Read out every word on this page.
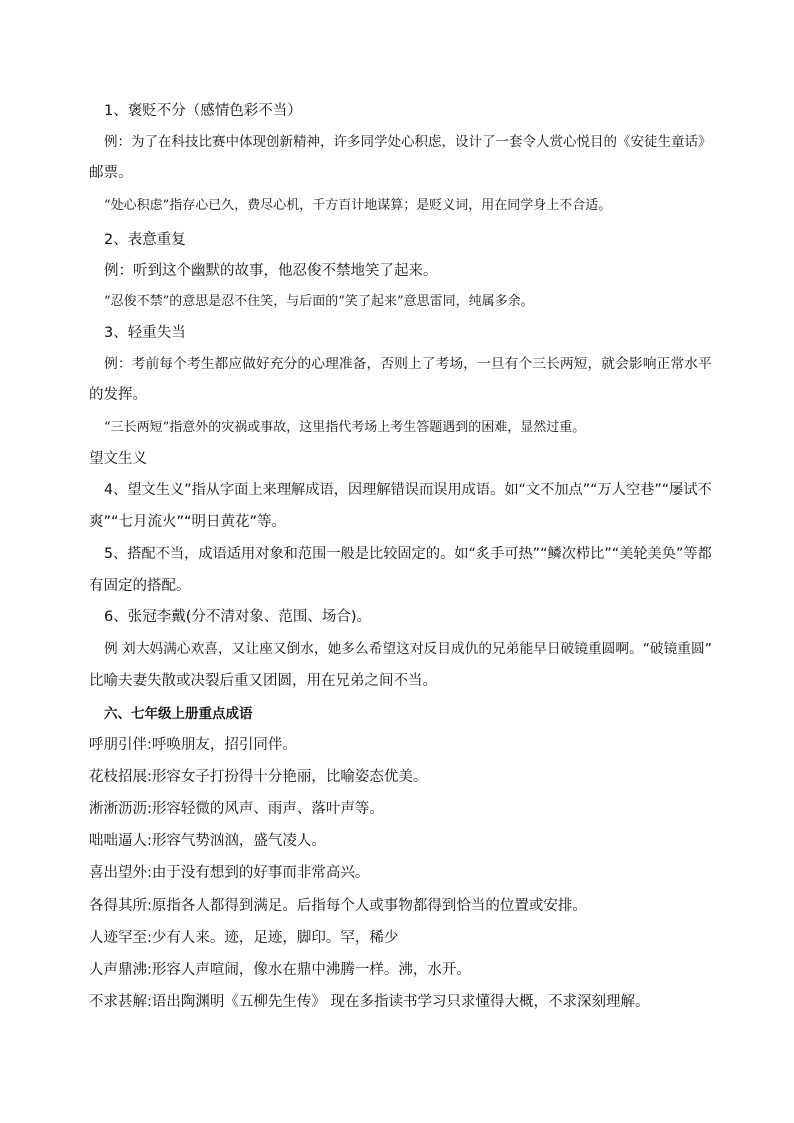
1、褒贬不分（感情色彩不当）
例：为了在科技比赛中体现创新精神，许多同学处心积虑，设计了一套令人赏心悦目的《安徒生童话》
邮票。
“处心积虑”指存心已久，费尽心机，千方百计地谋算；是贬义词，用在同学身上不合适。
2、表意重复
例：听到这个幽默的故事，他忍俊不禁地笑了起来。
“忍俊不禁”的意思是忍不住笑，与后面的“笑了起来”意思雷同，纯属多余。
3、轻重失当
例：考前每个考生都应做好充分的心理准备，否则上了考场，一旦有个三长两短，就会影响正常水平
的发挥。
“三长两短”指意外的灾祸或事故，这里指代考场上考生答题遇到的困难，显然过重。
望文生义
4、望文生义”指从字面上来理解成语，因理解错误而误用成语。如“文不加点”“万人空巷”“屡试不
爽”“七月流火”“明日黄花”等。
5、搭配不当，成语适用对象和范围一般是比较固定的。如“炙手可热”“鳞次栉比”“美轮美奂”等都
有固定的搭配。
6、张冠李戴(分不清对象、范围、场合)。
例 刘大妈满心欢喜，又让座又倒水，她多么希望这对反目成仇的兄弟能早日破镜重圆啊。“破镜重圆”
比喻夫妻失散或决裂后重又团圆，用在兄弟之间不当。
六、七年级上册重点成语
呼朋引伴:呼唤朋友，招引同伴。
花枝招展:形容女子打扮得十分艳丽，比喻姿态优美。
淅淅沥沥:形容轻微的风声、雨声、落叶声等。
咄咄逼人:形容气势汹汹，盛气凌人。
喜出望外:由于没有想到的好事而非常高兴。
各得其所:原指各人都得到满足。后指每个人或事物都得到恰当的位置或安排。
人迹罕至:少有人来。迹，足迹，脚印。罕，稀少
人声鼎沸:形容人声喧闹，像水在鼎中沸腾一样。沸，水开。
不求甚解:语出陶渊明《五柳先生传》 现在多指读书学习只求懂得大概，不求深刻理解。
